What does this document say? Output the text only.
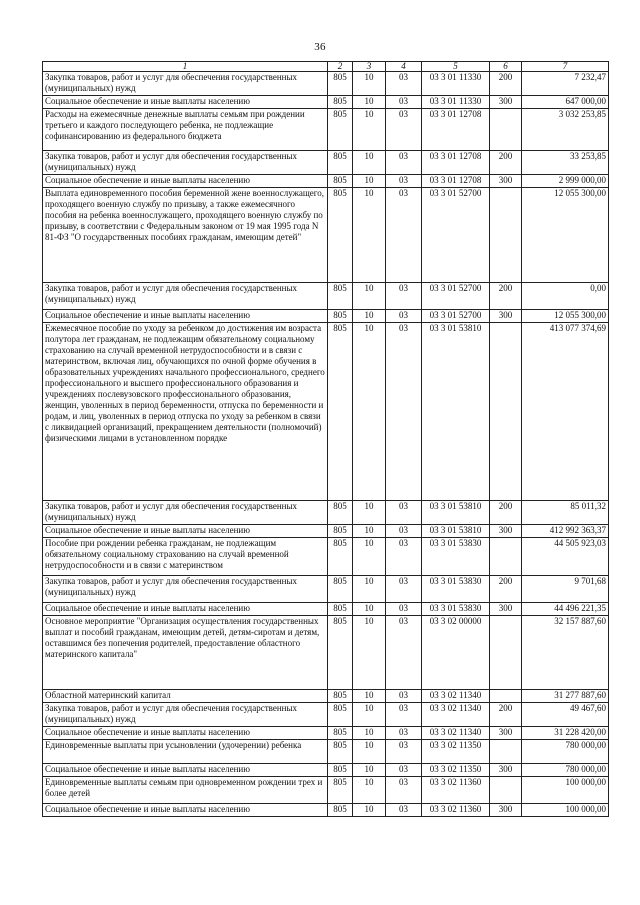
36
1	2	3	4	5	6	7
Закупка товаров, работ и услуг для обеспечения государственных (муниципальных) нужд	805	10	03	03 3 01 11330	200	7 232,47
Социальное обеспечение и иные выплаты населению	805	10	03	03 3 01 11330	300	647 000,00
Расходы на ежемесячные денежные выплаты семьям при рождении третьего и каждого последующего ребенка, не подлежащие софинансированию из федерального бюджета	805	10	03	03 3 01 12708		3 032 253,85
Закупка товаров, работ и услуг для обеспечения государственных (муниципальных) нужд	805	10	03	03 3 01 12708	200	33 253,85
Социальное обеспечение и иные выплаты населению	805	10	03	03 3 01 12708	300	2 999 000,00
Выплата единовременного пособия беременной жене военнослужащего, проходящего военную службу по призыву, а также ежемесячного пособия на ребенка военнослужащего, проходящего военную службу по призыву, в соответствии с Федеральным законом от 19 мая 1995 года N 81-ФЗ "О государственных пособиях гражданам, имеющим детей"	805	10	03	03 3 01 52700		12 055 300,00
Закупка товаров, работ и услуг для обеспечения государственных (муниципальных) нужд	805	10	03	03 3 01 52700	200	0,00
Социальное обеспечение и иные выплаты населению	805	10	03	03 3 01 52700	300	12 055 300,00
Ежемесячное пособие по уходу за ребенком до достижения им возраста полутора лет гражданам, не подлежащим обязательному социальному страхованию на случай временной нетрудоспособности и в связи с материнством, включая лиц, обучающихся по очной форме обучения в образовательных учреждениях начального профессионального, среднего профессионального и высшего профессионального образования и учреждениях послевузовского профессионального образования, женщин, уволенных в период беременности, отпуска по беременности и родам, и лиц, уволенных в период отпуска по уходу за ребенком в связи с ликвидацией организаций, прекращением деятельности (полномочий) физическими лицами в установленном порядке	805	10	03	03 3 01 53810		413 077 374,69
Закупка товаров, работ и услуг для обеспечения государственных (муниципальных) нужд	805	10	03	03 3 01 53810	200	85 011,32
Социальное обеспечение и иные выплаты населению	805	10	03	03 3 01 53810	300	412 992 363,37
Пособие при рождении ребенка гражданам, не подлежащим обязательному социальному страхованию на случай временной нетрудоспособности и в связи с материнством	805	10	03	03 3 01 53830		44 505 923,03
Закупка товаров, работ и услуг для обеспечения государственных (муниципальных) нужд	805	10	03	03 3 01 53830	200	9 701,68
Социальное обеспечение и иные выплаты населению	805	10	03	03 3 01 53830	300	44 496 221,35
Основное мероприятие "Организация осуществления государственных выплат и пособий гражданам, имеющим детей, детям-сиротам и детям, оставшимся без попечения родителей, предоставление областного материнского капитала"	805	10	03	03 3 02 00000		32 157 887,60
Областной материнский капитал	805	10	03	03 3 02 11340		31 277 887,60
Закупка товаров, работ и услуг для обеспечения государственных (муниципальных) нужд	805	10	03	03 3 02 11340	200	49 467,60
Социальное обеспечение и иные выплаты населению	805	10	03	03 3 02 11340	300	31 228 420,00
Единовременные выплаты при усыновлении (удочерении) ребенка	805	10	03	03 3 02 11350		780 000,00
Социальное обеспечение и иные выплаты населению	805	10	03	03 3 02 11350	300	780 000,00
Единовременные выплаты семьям при одновременном рождении трех и более детей	805	10	03	03 3 02 11360		100 000,00
Социальное обеспечение и иные выплаты населению	805	10	03	03 3 02 11360	300	100 000,00
